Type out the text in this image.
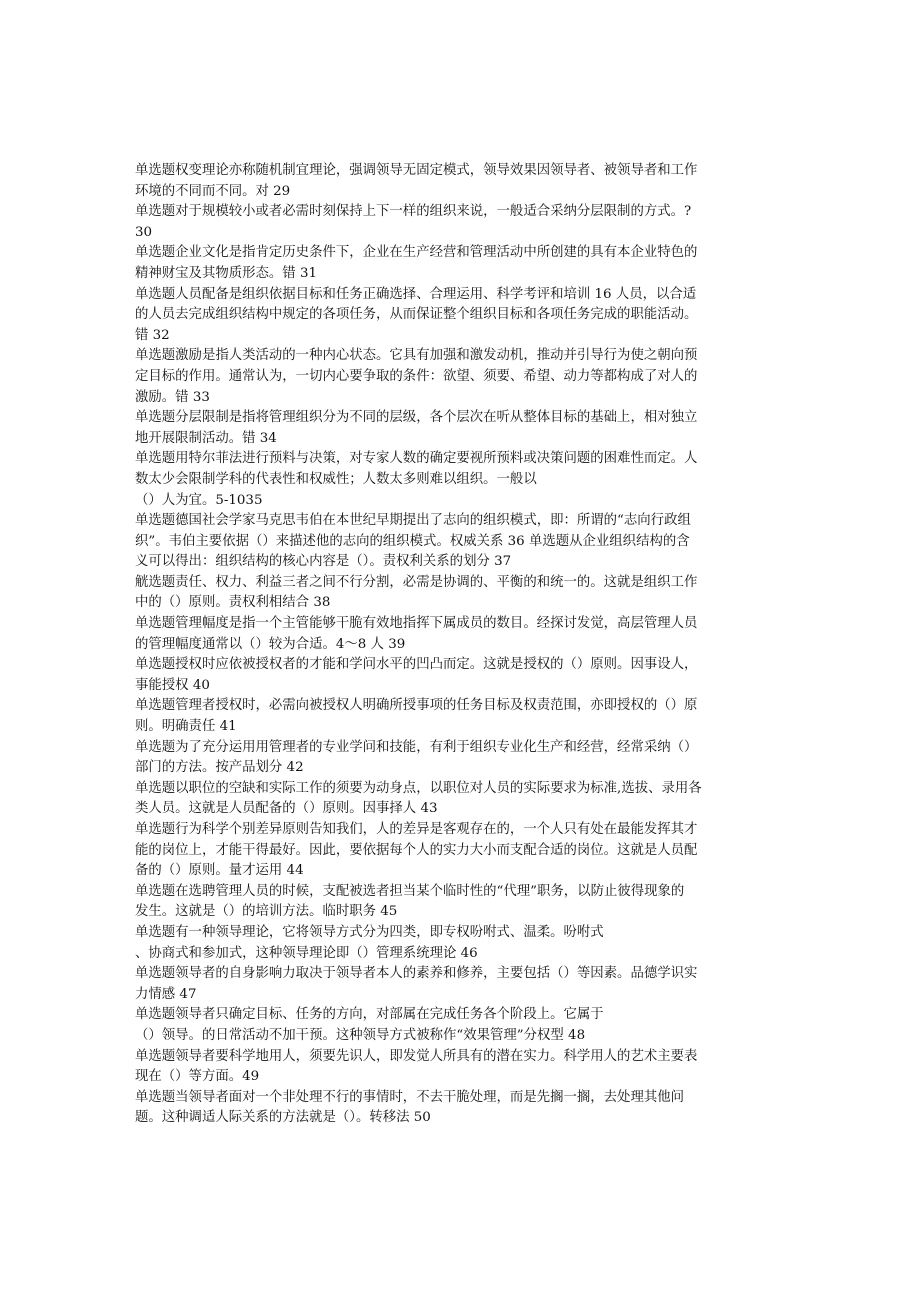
单选题权变理论亦称随机制宜理论，强调领导无固定模式，领导效果因领导者、被领导者和工作
环境的不同而不同。对 29

单选题对于规模较小或者必需时刻保持上下一样的组织来说，一般适合采纳分层限制的方式。?
30

单选题企业文化是指肯定历史条件下，企业在生产经营和管理活动中所创建的具有本企业特色的
精神财宝及其物质形态。错 31

单选题人员配备是组织依据目标和任务正确选择、合理运用、科学考评和培训 16 人员，以合适
的人员去完成组织结构中规定的各项任务，从而保证整个组织目标和各项任务完成的职能活动。
错 32

单选题激励是指人类活动的一种内心状态。它具有加强和激发动机，推动并引导行为使之朝向预
定目标的作用。通常认为，一切内心要争取的条件：欲望、须要、希望、动力等都构成了对人的
激励。错 33

单选题分层限制是指将管理组织分为不同的层级，各个层次在听从整体目标的基础上，相对独立
地开展限制活动。错 34

单选题用特尔菲法进行预料与决策，对专家人数的确定要视所预料或决策问题的困难性而定。人
数太少会限制学科的代表性和权威性；人数太多则难以组织。一般以
（）人为宜。5-1035

单选题德国社会学家马克思韦伯在本世纪早期提出了志向的组织模式，即：所谓的“志向行政组
织”。韦伯主要依据（）来描述他的志向的组织模式。权威关系 36 单选题从企业组织结构的含
义可以得出：组织结构的核心内容是（）。责权利关系的划分 37

觥选题责任、权力、利益三者之间不行分割，必需是协调的、平衡的和统一的。这就是组织工作
中的（）原则。责权利相结合 38

单选题管理幅度是指一个主管能够干脆有效地指挥下属成员的数目。经探讨发觉，高层管理人员
的管理幅度通常以（）较为合适。4〜8 人 39

单选题授权时应依被授权者的才能和学问水平的凹凸而定。这就是授权的（）原则。因事设人，
事能授权 40

单选题管理者授权时，必需向被授权人明确所授事项的任务目标及权责范围，亦即授权的（）原
则。明确责任 41

单选题为了充分运用用管理者的专业学问和技能，有利于组织专业化生产和经营，经常采纳（）
部门的方法。按产品划分 42

单选题以职位的空缺和实际工作的须要为动身点，以职位对人员的实际要求为标准,选拔、录用各
类人员。这就是人员配备的（）原则。因事择人 43

单选题行为科学个别差异原则告知我们，人的差异是客观存在的，一个人只有处在最能发挥其才
能的岗位上，才能干得最好。因此，要依据每个人的实力大小而支配合适的岗位。这就是人员配
备的（）原则。量才运用 44

单选题在选聘管理人员的时候，支配被选者担当某个临时性的“代理”职务，以防止彼得现象的
发生。这就是（）的培训方法。临时职务 45

单选题有一种领导理论，它将领导方式分为四类，即专权吩咐式、温柔。吩咐式
、协商式和参加式，这种领导理论即（）管理系统理论 46

单选题领导者的自身影响力取决于领导者本人的素养和修养，主要包括（）等因素。品德学识实
力情感 47

单选题领导者只确定目标、任务的方向，对部属在完成任务各个阶段上。它属于
（）领导。的日常活动不加干预。这种领导方式被称作“效果管理”分权型 48

单选题领导者要科学地用人，须要先识人，即发觉人所具有的潜在实力。科学用人的艺术主要表
现在（）等方面。49

单选题当领导者面对一个非处理不行的事情时，不去干脆处理，而是先搁一搁，去处理其他问
题。这种调适人际关系的方法就是（）。转移法 50
